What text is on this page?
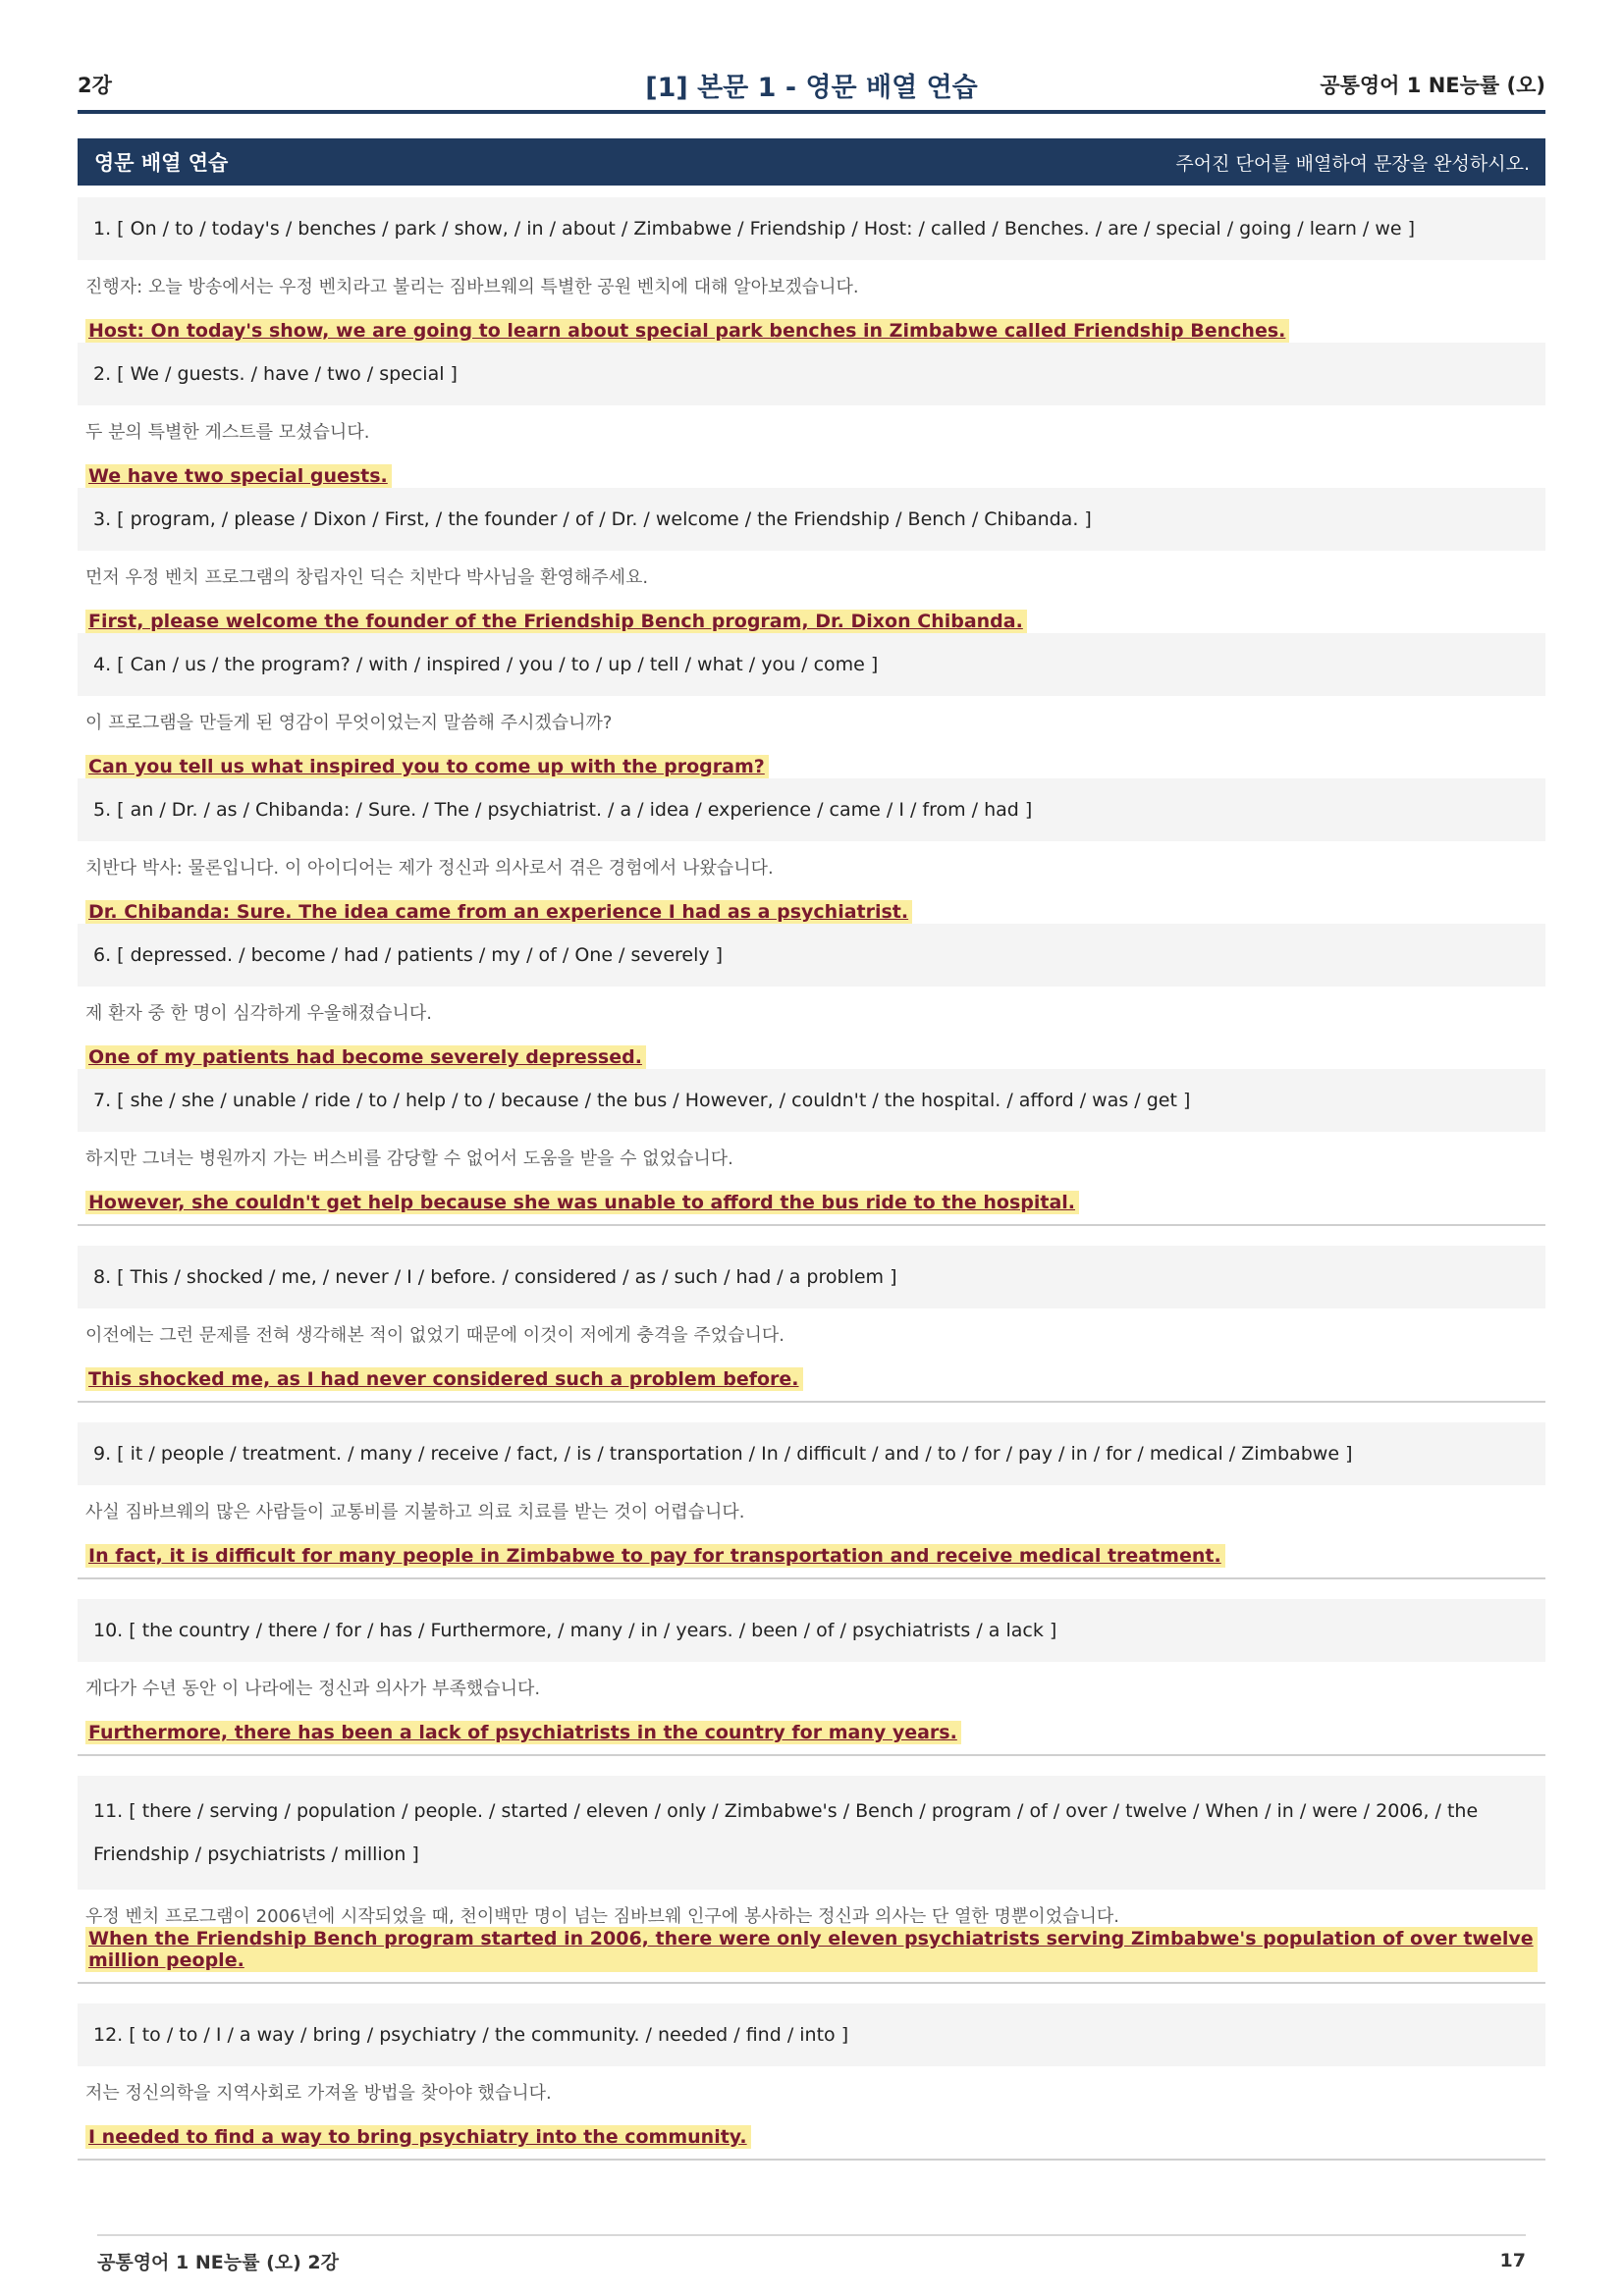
2강	[1] 본문 1 - 영문 배열 연습	공통영어 1 NE능률 (오)
영문 배열 연습	주어진 단어를 배열하여 문장을 완성하시오.
1. [ On / to / today's / benches / park / show, / in / about / Zimbabwe / Friendship / Host: / called / Benches. / are / special / going / learn / we ]
진행자: 오늘 방송에서는 우정 벤치라고 불리는 짐바브웨의 특별한 공원 벤치에 대해 알아보겠습니다.
Host: On today's show, we are going to learn about special park benches in Zimbabwe called Friendship Benches.
2. [ We / guests. / have / two / special ]
두 분의 특별한 게스트를 모셨습니다.
We have two special guests.
3. [ program, / please / Dixon / First, / the founder / of / Dr. / welcome / the Friendship / Bench / Chibanda. ]
먼저 우정 벤치 프로그램의 창립자인 딕슨 치반다 박사님을 환영해주세요.
First, please welcome the founder of the Friendship Bench program, Dr. Dixon Chibanda.
4. [ Can / us / the program? / with / inspired / you / to / up / tell / what / you / come ]
이 프로그램을 만들게 된 영감이 무엇이었는지 말씀해 주시겠습니까?
Can you tell us what inspired you to come up with the program?
5. [ an / Dr. / as / Chibanda: / Sure. / The / psychiatrist. / a / idea / experience / came / I / from / had ]
치반다 박사: 물론입니다. 이 아이디어는 제가 정신과 의사로서 겪은 경험에서 나왔습니다.
Dr. Chibanda: Sure. The idea came from an experience I had as a psychiatrist.
6. [ depressed. / become / had / patients / my / of / One / severely ]
제 환자 중 한 명이 심각하게 우울해졌습니다.
One of my patients had become severely depressed.
7. [ she / she / unable / ride / to / help / to / because / the bus / However, / couldn't / the hospital. / afford / was / get ]
하지만 그녀는 병원까지 가는 버스비를 감당할 수 없어서 도움을 받을 수 없었습니다.
However, she couldn't get help because she was unable to afford the bus ride to the hospital.
8. [ This / shocked / me, / never / I / before. / considered / as / such / had / a problem ]
이전에는 그런 문제를 전혀 생각해본 적이 없었기 때문에 이것이 저에게 충격을 주었습니다.
This shocked me, as I had never considered such a problem before.
9. [ it / people / treatment. / many / receive / fact, / is / transportation / In / difficult / and / to / for / pay / in / for / medical / Zimbabwe ]
사실 짐바브웨의 많은 사람들이 교통비를 지불하고 의료 치료를 받는 것이 어렵습니다.
In fact, it is difficult for many people in Zimbabwe to pay for transportation and receive medical treatment.
10. [ the country / there / for / has / Furthermore, / many / in / years. / been / of / psychiatrists / a lack ]
게다가 수년 동안 이 나라에는 정신과 의사가 부족했습니다.
Furthermore, there has been a lack of psychiatrists in the country for many years.
11. [ there / serving / population / people. / started / eleven / only / Zimbabwe's / Bench / program / of / over / twelve / When / in / were / 2006, / the Friendship / psychiatrists / million ]
우정 벤치 프로그램이 2006년에 시작되었을 때, 천이백만 명이 넘는 짐바브웨 인구에 봉사하는 정신과 의사는 단 열한 명뿐이었습니다.
When the Friendship Bench program started in 2006, there were only eleven psychiatrists serving Zimbabwe's population of over twelve million people.
12. [ to / to / I / a way / bring / psychiatry / the community. / needed / find / into ]
저는 정신의학을 지역사회로 가져올 방법을 찾아야 했습니다.
I needed to find a way to bring psychiatry into the community.
공통영어 1 NE능률 (오) 2강	17
